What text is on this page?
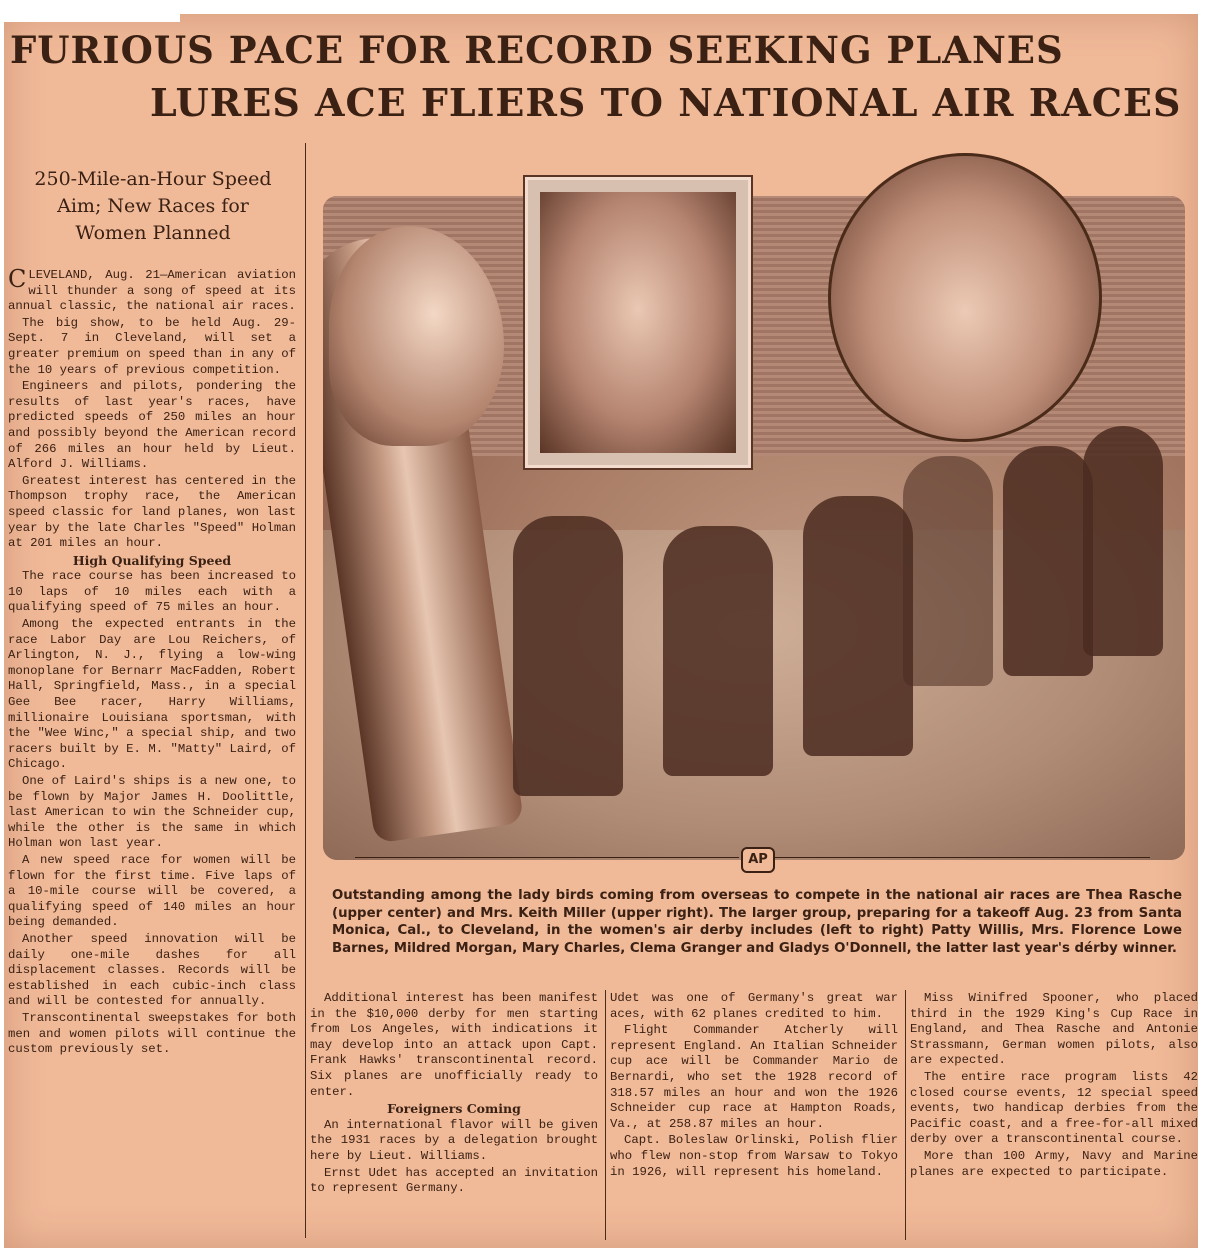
FURIOUS PACE FOR RECORD SEEKING PLANES
LURES ACE FLIERS TO NATIONAL AIR RACES
250-Mile-an-Hour Speed
Aim; New Races for
Women Planned

CLEVELAND, Aug. 21—American aviation will thunder a song of speed at its annual classic, the national air races.

The big show, to be held Aug. 29-Sept. 7 in Cleveland, will set a greater premium on speed than in any of the 10 years of previous competition.

Engineers and pilots, pondering the results of last year's races, have predicted speeds of 250 miles an hour and possibly beyond the American record of 266 miles an hour held by Lieut. Alford J. Williams.

Greatest interest has centered in the Thompson trophy race, the American speed classic for land planes, won last year by the late Charles "Speed" Holman at 201 miles an hour.

High Qualifying Speed

The race course has been increased to 10 laps of 10 miles each with a qualifying speed of 75 miles an hour.

Among the expected entrants in the race Labor Day are Lou Reichers, of Arlington, N. J., flying a low-wing monoplane for Bernarr MacFadden, Robert Hall, Springfield, Mass., in a special Gee Bee racer, Harry Williams, millionaire Louisiana sportsman, with the "Wee Winc," a special ship, and two racers built by E. M. "Matty" Laird, of Chicago.

One of Laird's ships is a new one, to be flown by Major James H. Doolittle, last American to win the Schneider cup, while the other is the same in which Holman won last year.

A new speed race for women will be flown for the first time. Five laps of a 10-mile course will be covered, a qualifying speed of 140 miles an hour being demanded.

Another speed innovation will be daily one-mile dashes for all displacement classes. Records will be established in each cubic-inch class and will be contested for annually.

Transcontinental sweepstakes for both men and women pilots will continue the custom previously set.

AP
Outstanding among the lady birds coming from overseas to compete in the national air races are Thea Rasche (upper center) and Mrs. Keith Miller (upper right). The larger group, preparing for a takeoff Aug. 23 from Santa Monica, Cal., to Cleveland, in the women's air derby includes (left to right) Patty Willis, Mrs. Florence Lowe Barnes, Mildred Morgan, Mary Charles, Clema Granger and Gladys O'Donnell, the latter last year's dérby winner.

Additional interest has been manifest in the $10,000 derby for men starting from Los Angeles, with indications it may develop into an attack upon Capt. Frank Hawks' transcontinental record. Six planes are unofficially ready to enter.

Foreigners Coming

An international flavor will be given the 1931 races by a delegation brought here by Lieut. Williams.

Ernst Udet has accepted an invitation to represent Germany.

Udet was one of Germany's great war aces, with 62 planes credited to him.

Flight Commander Atcherly will represent England. An Italian Schneider cup ace will be Commander Mario de Bernardi, who set the 1928 record of 318.57 miles an hour and won the 1926 Schneider cup race at Hampton Roads, Va., at 258.87 miles an hour.

Capt. Boleslaw Orlinski, Polish flier who flew non-stop from Warsaw to Tokyo in 1926, will represent his homeland.

Miss Winifred Spooner, who placed third in the 1929 King's Cup Race in England, and Thea Rasche and Antonie Strassmann, German women pilots, also are expected.

The entire race program lists 42 closed course events, 12 special speed events, two handicap derbies from the Pacific coast, and a free-for-all mixed derby over a transcontinental course.

More than 100 Army, Navy and Marine planes are expected to participate.
